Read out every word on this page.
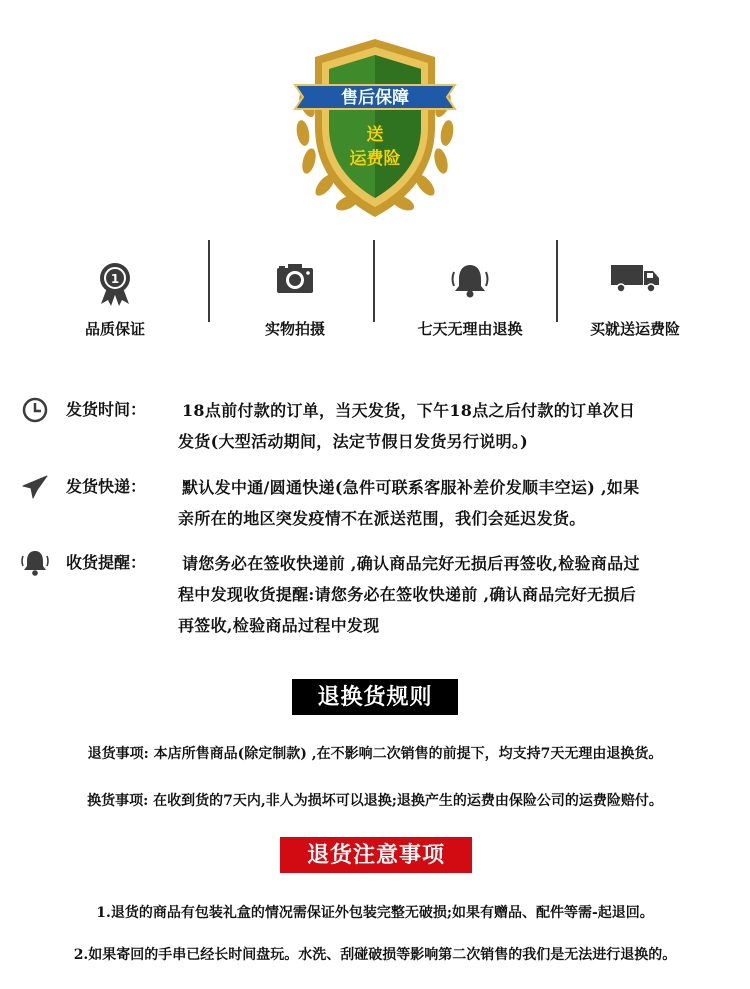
售后保障
送
运费险
1
品质保证	实物拍摄	七天无理由退换	买就送运费险
发货时间： 18点前付款的订单，当天发货，下午18点之后付款的订单次日
发货(大型活动期间，法定节假日发货另行说明。)
发货快递： 默认发中通/圆通快递(急件可联系客服补差价发顺丰空运) ,如果
亲所在的地区突发疫情不在派送范围，我们会延迟发货。
收货提醒： 请您务必在签收快递前 ,确认商品完好无损后再签收,检验商品过
程中发现收货提醒:请您务必在签收快递前 ,确认商品完好无损后
再签收,检验商品过程中发现
退换货规则
退货事项: 本店所售商品(除定制款) ,在不影响二次销售的前提下，均支持7天无理由退换货。
换货事项: 在收到货的7天内,非人为损坏可以退换;退换产生的运费由保险公司的运费险赔付。
退货注意事项
1.退货的商品有包装礼盒的情况需保证外包装完整无破损;如果有赠品、配件等需-起退回。
2.如果寄回的手串已经长时间盘玩。水洗、刮碰破损等影响第二次销售的我们是无法进行退换的。
